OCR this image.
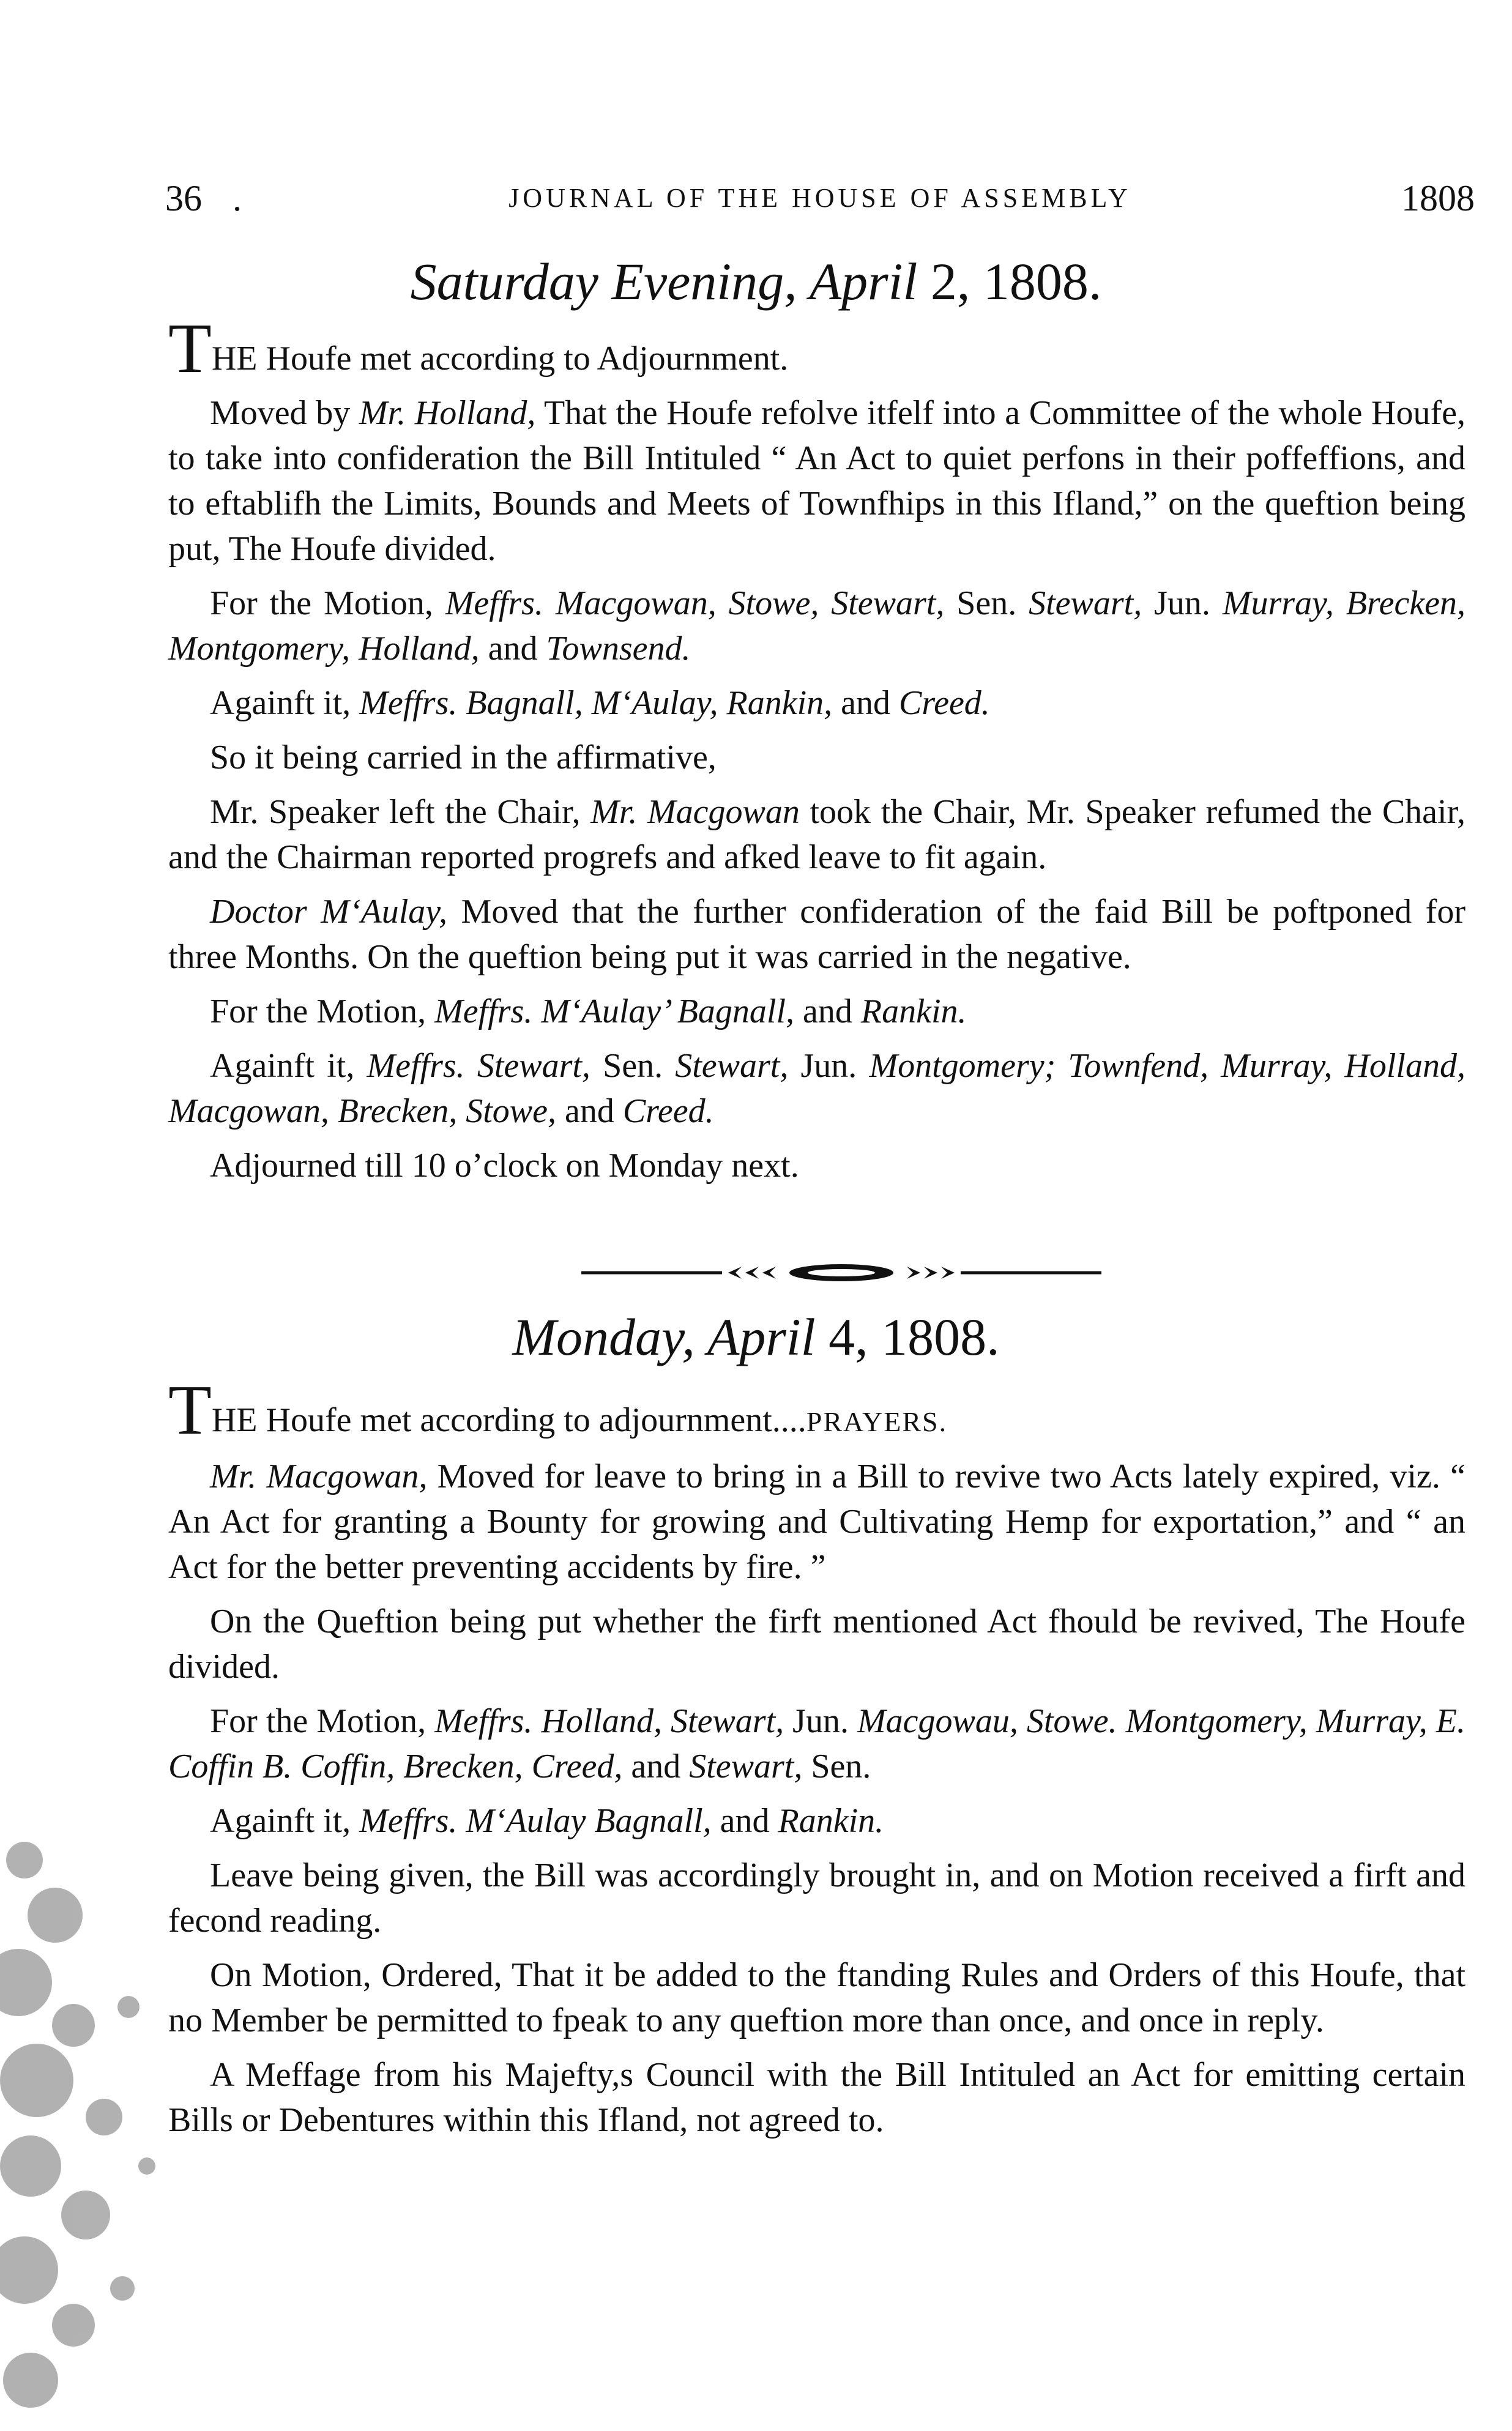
36 .	JOURNAL OF THE HOUSE OF ASSEMBLY	1808
Saturday Evening, April 2, 1808.

THE Houfe met according to Adjournment.

Moved by Mr. Holland, That the Houfe refolve itfelf into a Committee of the whole Houfe, to take into confideration the Bill Intituled “ An Act to quiet perfons in their poffeffions, and to eftablifh the Limits, Bounds and Meets of Townfhips in this Ifland,” on the queftion being put, The Houfe divided.

For the Motion, Meffrs. Macgowan, Stowe, Stewart, Sen. Stewart, Jun. Murray, Brecken, Montgomery, Holland, and Townsend.

Againft it, Meffrs. Bagnall, M‘Aulay, Rankin, and Creed.

So it being carried in the affirmative,

Mr. Speaker left the Chair, Mr. Macgowan took the Chair, Mr. Speaker refumed the Chair, and the Chairman reported progrefs and afked leave to fit again.

Doctor M‘Aulay, Moved that the further confideration of the faid Bill be poftponed for three Months. On the queftion being put it was carried in the negative.

For the Motion, Meffrs. M‘Aulay’ Bagnall, and Rankin.

Againft it, Meffrs. Stewart, Sen. Stewart, Jun. Montgomery; Townfend, Murray, Holland, Macgowan, Brecken, Stowe, and Creed.

Adjourned till 10 o’clock on Monday next.

Monday, April 4, 1808.

THE Houfe met according to adjournment....PRAYERS.

Mr. Macgowan, Moved for leave to bring in a Bill to revive two Acts lately expired, viz. “ An Act for granting a Bounty for growing and Cultivating Hemp for exportation,” and “ an Act for the better preventing accidents by fire. ”

On the Queftion being put whether the firft mentioned Act fhould be revived, The Houfe divided.

For the Motion, Meffrs. Holland, Stewart, Jun. Macgowau, Stowe. Montgomery, Murray, E. Coffin B. Coffin, Brecken, Creed, and Stewart, Sen.

Againft it, Meffrs. M‘Aulay Bagnall, and Rankin.

Leave being given, the Bill was accordingly brought in, and on Motion received a firft and fecond reading.

On Motion, Ordered, That it be added to the ftanding Rules and Orders of this Houfe, that no Member be permitted to fpeak to any queftion more than once, and once in reply.

A Meffage from his Majefty,s Council with the Bill Intituled an Act for emitting certain Bills or Debentures within this Ifland, not agreed to.
